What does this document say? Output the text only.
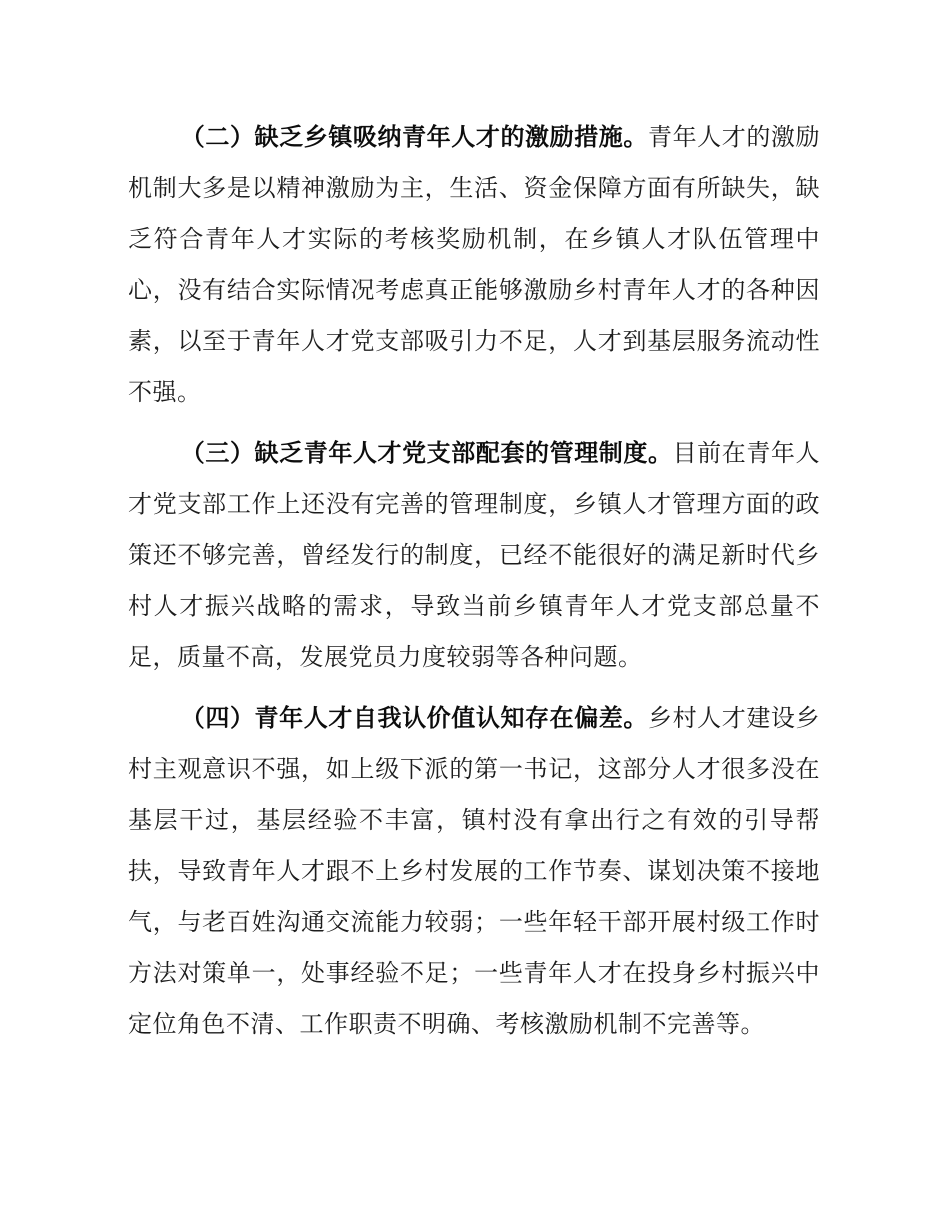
（二）缺乏乡镇吸纳青年人才的激励措施。青年人才的激励机制大多是以精神激励为主，生活、资金保障方面有所缺失，缺乏符合青年人才实际的考核奖励机制，在乡镇人才队伍管理中心，没有结合实际情况考虑真正能够激励乡村青年人才的各种因素，以至于青年人才党支部吸引力不足，人才到基层服务流动性不强。

（三）缺乏青年人才党支部配套的管理制度。目前在青年人才党支部工作上还没有完善的管理制度，乡镇人才管理方面的政策还不够完善，曾经发行的制度，已经不能很好的满足新时代乡村人才振兴战略的需求，导致当前乡镇青年人才党支部总量不足，质量不高，发展党员力度较弱等各种问题。

（四）青年人才自我认价值认知存在偏差。乡村人才建设乡村主观意识不强，如上级下派的第一书记，这部分人才很多没在基层干过，基层经验不丰富，镇村没有拿出行之有效的引导帮扶，导致青年人才跟不上乡村发展的工作节奏、谋划决策不接地气，与老百姓沟通交流能力较弱；一些年轻干部开展村级工作时方法对策单一，处事经验不足；一些青年人才在投身乡村振兴中定位角色不清、工作职责不明确、考核激励机制不完善等。
